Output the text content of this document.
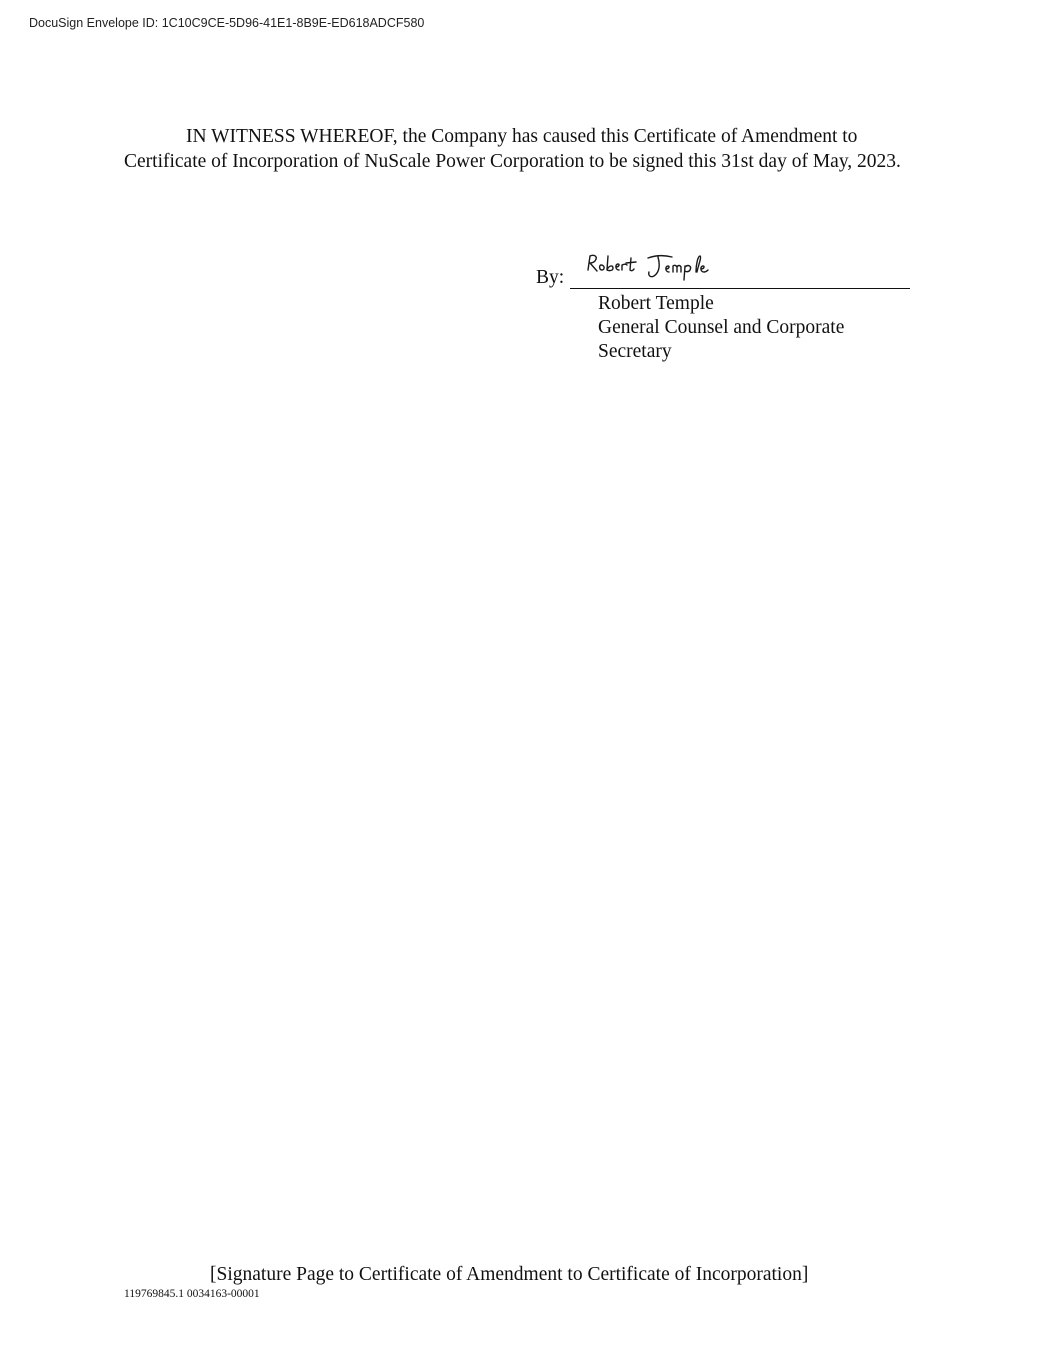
DocuSign Envelope ID: 1C10C9CE-5D96-41E1-8B9E-ED618ADCF580

IN WITNESS WHEREOF, the Company has caused this Certificate of Amendment to Certificate of Incorporation of NuScale Power Corporation to be signed this 31st day of May, 2023.

By:
Robert Temple
General Counsel and Corporate
Secretary
[Signature Page to Certificate of Amendment to Certificate of Incorporation]
119769845.1 0034163-00001
